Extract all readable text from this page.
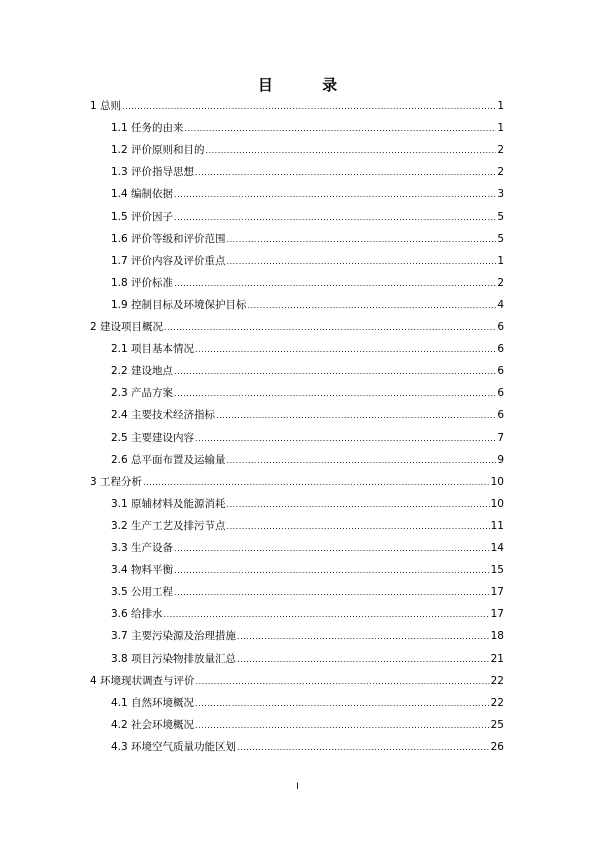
目 录
1 总则 .....	1
1.1 任务的由来 .....	1
1.2 评价原则和目的 .....	2
1.3 评价指导思想 .....	2
1.4 编制依据 .....	3
1.5 评价因子 .....	5
1.6 评价等级和评价范围 .....	5
1.7 评价内容及评价重点 .....	1
1.8 评价标准 .....	2
1.9 控制目标及环境保护目标 .....	4
2 建设项目概况 .....	6
2.1 项目基本情况 .....	6
2.2 建设地点 .....	6
2.3 产品方案 .....	6
2.4 主要技术经济指标 .....	6
2.5 主要建设内容 .....	7
2.6 总平面布置及运输量 .....	9
3 工程分析 .....	10
3.1 原辅材料及能源消耗 .....	10
3.2 生产工艺及排污节点 .....	11
3.3 生产设备 .....	14
3.4 物料平衡 .....	15
3.5 公用工程 .....	17
3.6 给排水 .....	17
3.7 主要污染源及治理措施 .....	18
3.8 项目污染物排放量汇总 .....	21
4 环境现状调查与评价 .....	22
4.1 自然环境概况 .....	22
4.2 社会环境概况 .....	25
4.3 环境空气质量功能区划 .....	26
I
